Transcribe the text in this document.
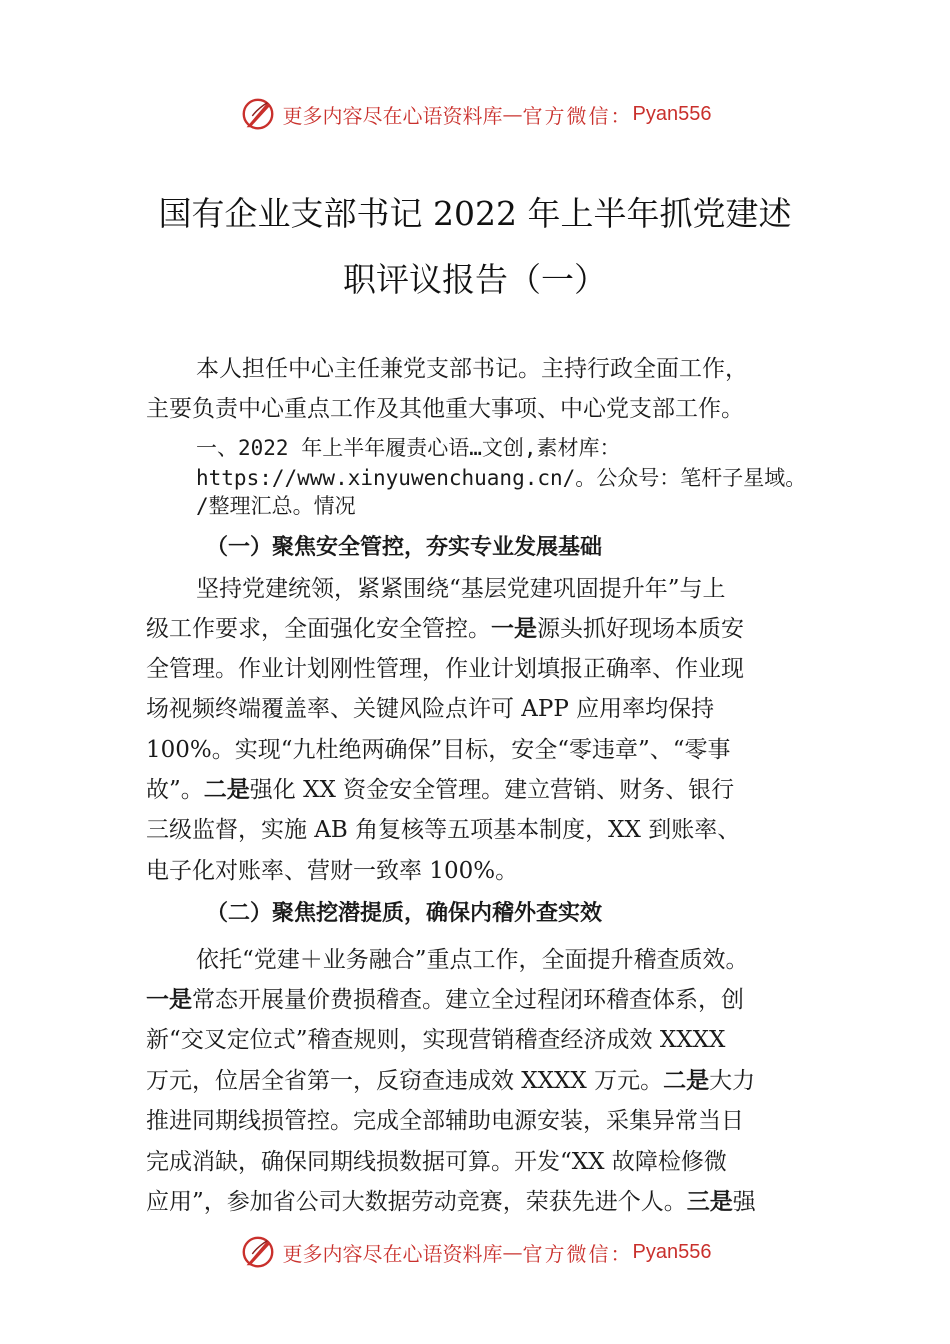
更多内容尽在心语资料库 — 官方微信： Pyan556
国有企业支部书记 2022 年上半年抓党建述
职评议报告（一）
本人担任中心主任兼党支部书记。主持行政全面工作，
主要负责中心重点工作及其他重大事项、中心党支部工作。
一、2022 年上半年履责心语…文创,素材库：
https://www.xinyuwenchuang.cn/。公众号：笔杆子星域。
/整理汇总。情况
（一）聚焦安全管控，夯实专业发展基础
坚持党建统领，紧紧围绕“基层党建巩固提升年”与上
级工作要求，全面强化安全管控。一是源头抓好现场本质安
全管理。作业计划刚性管理，作业计划填报正确率、作业现
场视频终端覆盖率、关键风险点许可 APP 应用率均保持
100%。实现“九杜绝两确保”目标，安全“零违章”、“零事
故”。二是强化 XX 资金安全管理。建立营销、财务、银行
三级监督，实施 AB 角复核等五项基本制度，XX 到账率、
电子化对账率、营财一致率 100%。
（二）聚焦挖潜提质，确保内稽外查实效
依托“党建＋业务融合”重点工作，全面提升稽查质效。
一是常态开展量价费损稽查。建立全过程闭环稽查体系，创
新“交叉定位式”稽查规则，实现营销稽查经济成效 XXXX
万元，位居全省第一，反窃查违成效 XXXX 万元。二是大力
推进同期线损管控。完成全部辅助电源安装，采集异常当日
完成消缺，确保同期线损数据可算。开发“XX 故障检修微
应用”，参加省公司大数据劳动竞赛，荣获先进个人。三是强
更多内容尽在心语资料库 — 官方微信： Pyan556
